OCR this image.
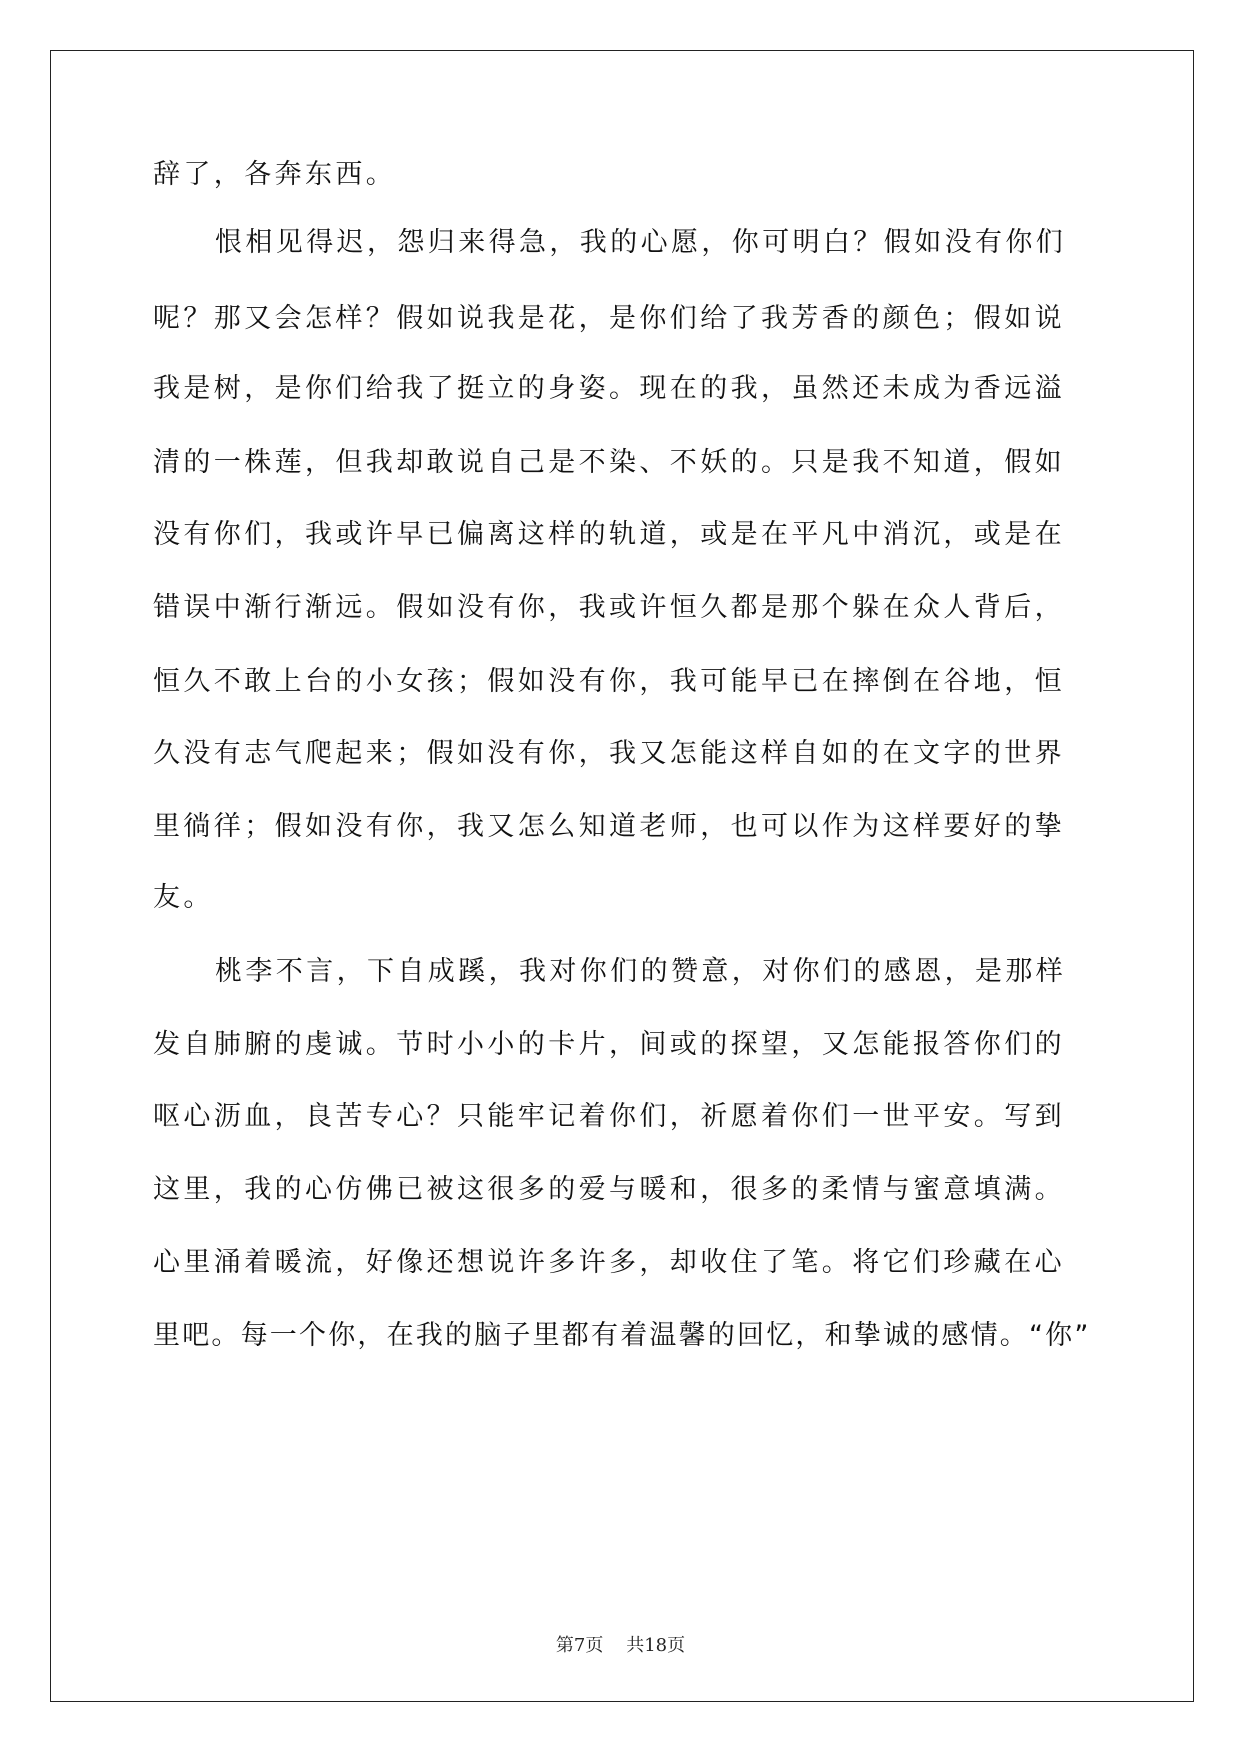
辞了，各奔东西。
恨相见得迟，怨归来得急，我的心愿，你可明白？假如没有你们
呢？那又会怎样？假如说我是花，是你们给了我芳香的颜色；假如说
我是树，是你们给我了挺立的身姿。现在的我，虽然还未成为香远溢
清的一株莲，但我却敢说自己是不染、不妖的。只是我不知道，假如
没有你们，我或许早已偏离这样的轨道，或是在平凡中消沉，或是在
错误中渐行渐远。假如没有你，我或许恒久都是那个躲在众人背后，
恒久不敢上台的小女孩；假如没有你，我可能早已在摔倒在谷地，恒
久没有志气爬起来；假如没有你，我又怎能这样自如的在文字的世界
里徜徉；假如没有你，我又怎么知道老师，也可以作为这样要好的挚
友。
桃李不言，下自成蹊，我对你们的赞意，对你们的感恩，是那样
发自肺腑的虔诚。节时小小的卡片，间或的探望，又怎能报答你们的
呕心沥血，良苦专心？只能牢记着你们，祈愿着你们一世平安。写到
这里，我的心仿佛已被这很多的爱与暖和，很多的柔情与蜜意填满。
心里涌着暖流，好像还想说许多许多，却收住了笔。将它们珍藏在心
里吧。每一个你，在我的脑子里都有着温馨的回忆，和挚诚的感情。“你”
第7页 共18页
